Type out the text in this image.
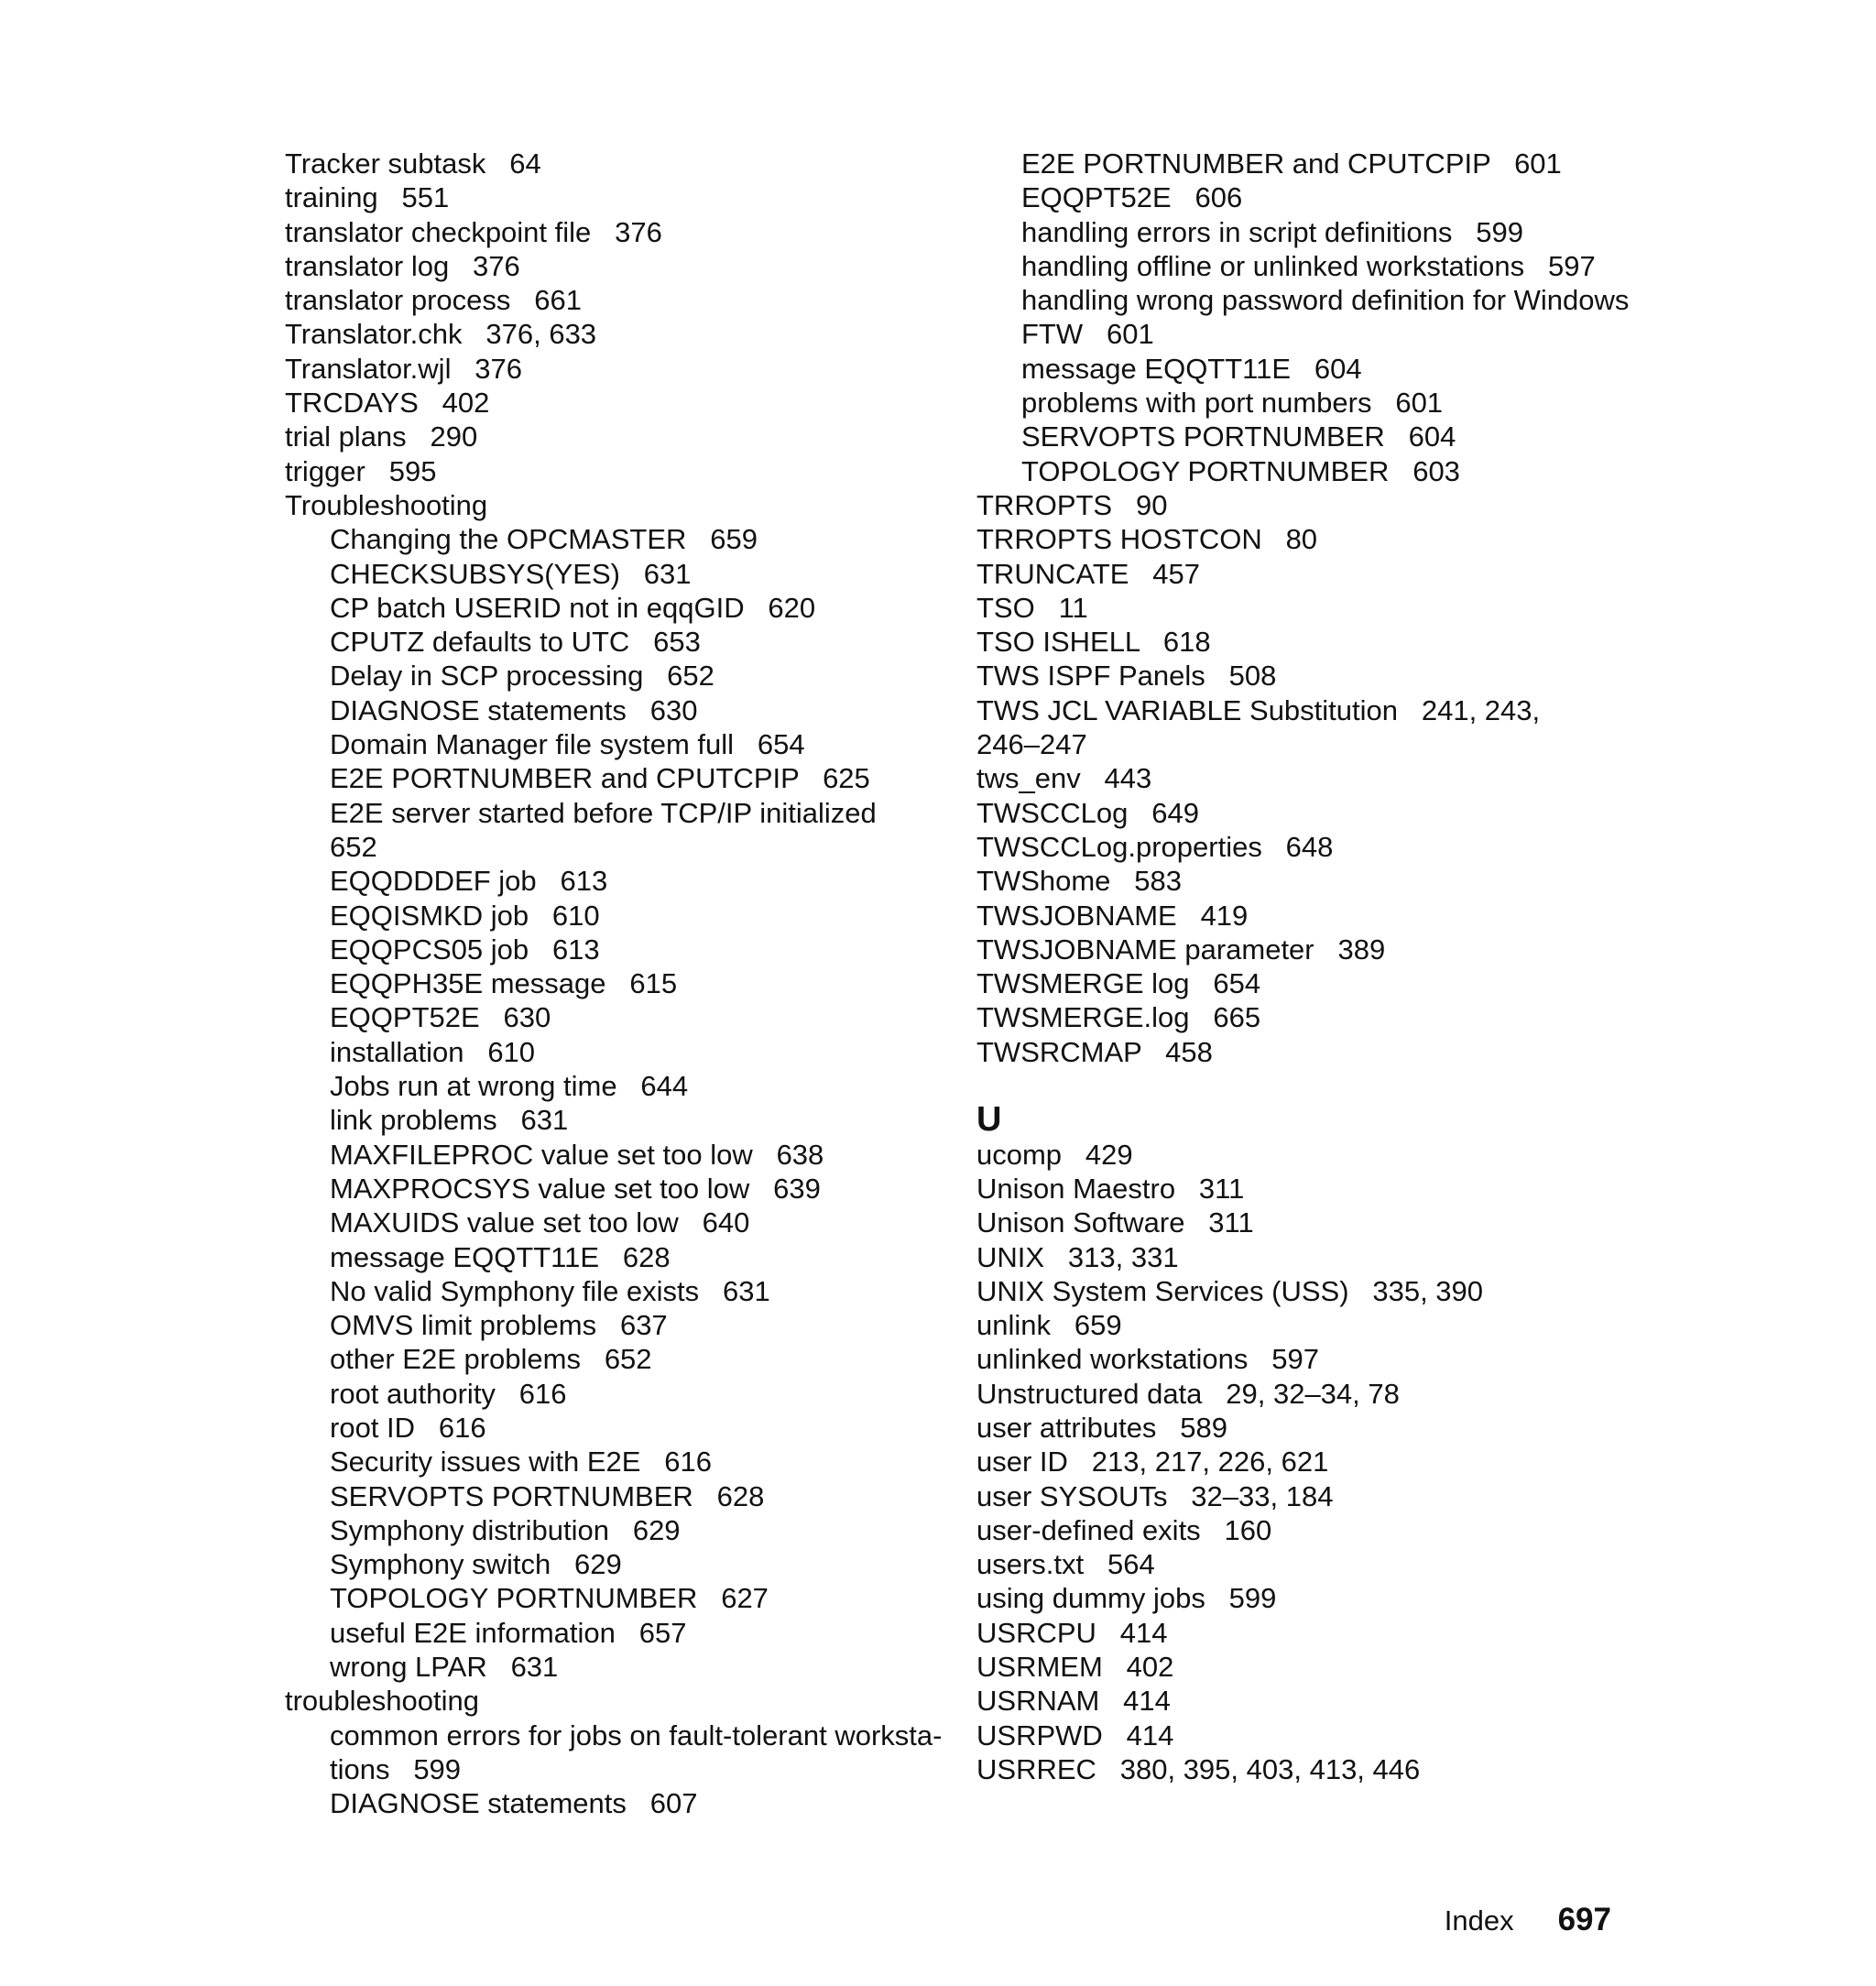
Tracker subtask   64
training   551
translator checkpoint file   376
translator log   376
translator process   661
Translator.chk   376, 633
Translator.wjl   376
TRCDAYS   402
trial plans   290
trigger   595
Troubleshooting
Changing the OPCMASTER   659
CHECKSUBSYS(YES)   631
CP batch USERID not in eqqGID   620
CPUTZ defaults to UTC   653
Delay in SCP processing   652
DIAGNOSE statements   630
Domain Manager file system full   654
E2E PORTNUMBER and CPUTCPIP   625
E2E server started before TCP/IP initialized
652
EQQDDDEF job   613
EQQISMKD job   610
EQQPCS05 job   613
EQQPH35E message   615
EQQPT52E   630
installation   610
Jobs run at wrong time   644
link problems   631
MAXFILEPROC value set too low   638
MAXPROCSYS value set too low   639
MAXUIDS value set too low   640
message EQQTT11E   628
No valid Symphony file exists   631
OMVS limit problems   637
other E2E problems   652
root authority   616
root ID   616
Security issues with E2E   616
SERVOPTS PORTNUMBER   628
Symphony distribution   629
Symphony switch   629
TOPOLOGY PORTNUMBER   627
useful E2E information   657
wrong LPAR   631
troubleshooting
common errors for jobs on fault-tolerant worksta-
tions   599
DIAGNOSE statements   607
E2E PORTNUMBER and CPUTCPIP   601
EQQPT52E   606
handling errors in script definitions   599
handling offline or unlinked workstations   597
handling wrong password definition for Windows
FTW   601
message EQQTT11E   604
problems with port numbers   601
SERVOPTS PORTNUMBER   604
TOPOLOGY PORTNUMBER   603
TRROPTS   90
TRROPTS HOSTCON   80
TRUNCATE   457
TSO   11
TSO ISHELL   618
TWS ISPF Panels   508
TWS JCL VARIABLE Substitution   241, 243,
246–247
tws_env   443
TWSCCLog   649
TWSCCLog.properties   648
TWShome   583
TWSJOBNAME   419
TWSJOBNAME parameter   389
TWSMERGE log   654
TWSMERGE.log   665
TWSRCMAP   458
U
ucomp   429
Unison Maestro   311
Unison Software   311
UNIX   313, 331
UNIX System Services (USS)   335, 390
unlink   659
unlinked workstations   597
Unstructured data   29, 32–34, 78
user attributes   589
user ID   213, 217, 226, 621
user SYSOUTs   32–33, 184
user-defined exits   160
users.txt   564
using dummy jobs   599
USRCPU   414
USRMEM   402
USRNAM   414
USRPWD   414
USRREC   380, 395, 403, 413, 446
Index 697
